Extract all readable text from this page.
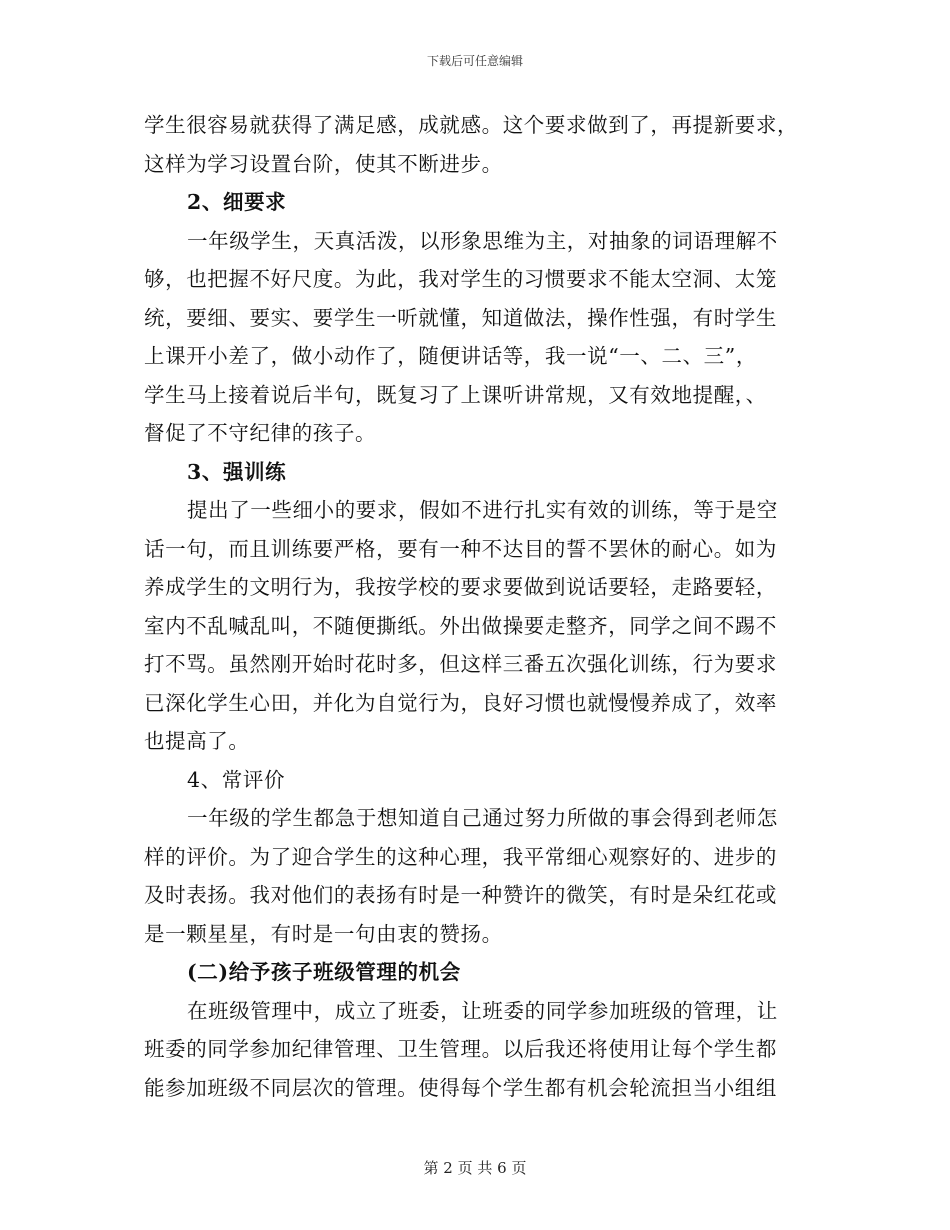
下载后可任意编辑
学生很容易就获得了满足感，成就感。这个要求做到了，再提新要求，
这样为学习设置台阶，使其不断进步。
2、细要求
一年级学生，天真活泼，以形象思维为主，对抽象的词语理解不
够，也把握不好尺度。为此，我对学生的习惯要求不能太空洞、太笼
统，要细、要实、要学生一听就懂，知道做法，操作性强，有时学生
上课开小差了，做小动作了，随便讲话等，我一说“一、二、三”，
学生马上接着说后半句，既复习了上课听讲常规，又有效地提醒，、
督促了不守纪律的孩子。
3、强训练
提出了一些细小的要求，假如不进行扎实有效的训练，等于是空
话一句，而且训练要严格，要有一种不达目的誓不罢休的耐心。如为
养成学生的文明行为，我按学校的要求要做到说话要轻，走路要轻，
室内不乱喊乱叫，不随便撕纸。外出做操要走整齐，同学之间不踢不
打不骂。虽然刚开始时花时多，但这样三番五次强化训练，行为要求
已深化学生心田，并化为自觉行为，良好习惯也就慢慢养成了，效率
也提高了。
4、常评价
一年级的学生都急于想知道自己通过努力所做的事会得到老师怎
样的评价。为了迎合学生的这种心理，我平常细心观察好的、进步的
及时表扬。我对他们的表扬有时是一种赞许的微笑，有时是朵红花或
是一颗星星，有时是一句由衷的赞扬。
(二)给予孩子班级管理的机会
在班级管理中，成立了班委，让班委的同学参加班级的管理，让
班委的同学参加纪律管理、卫生管理。以后我还将使用让每个学生都
能参加班级不同层次的管理。使得每个学生都有机会轮流担当小组组
第 2 页 共 6 页
